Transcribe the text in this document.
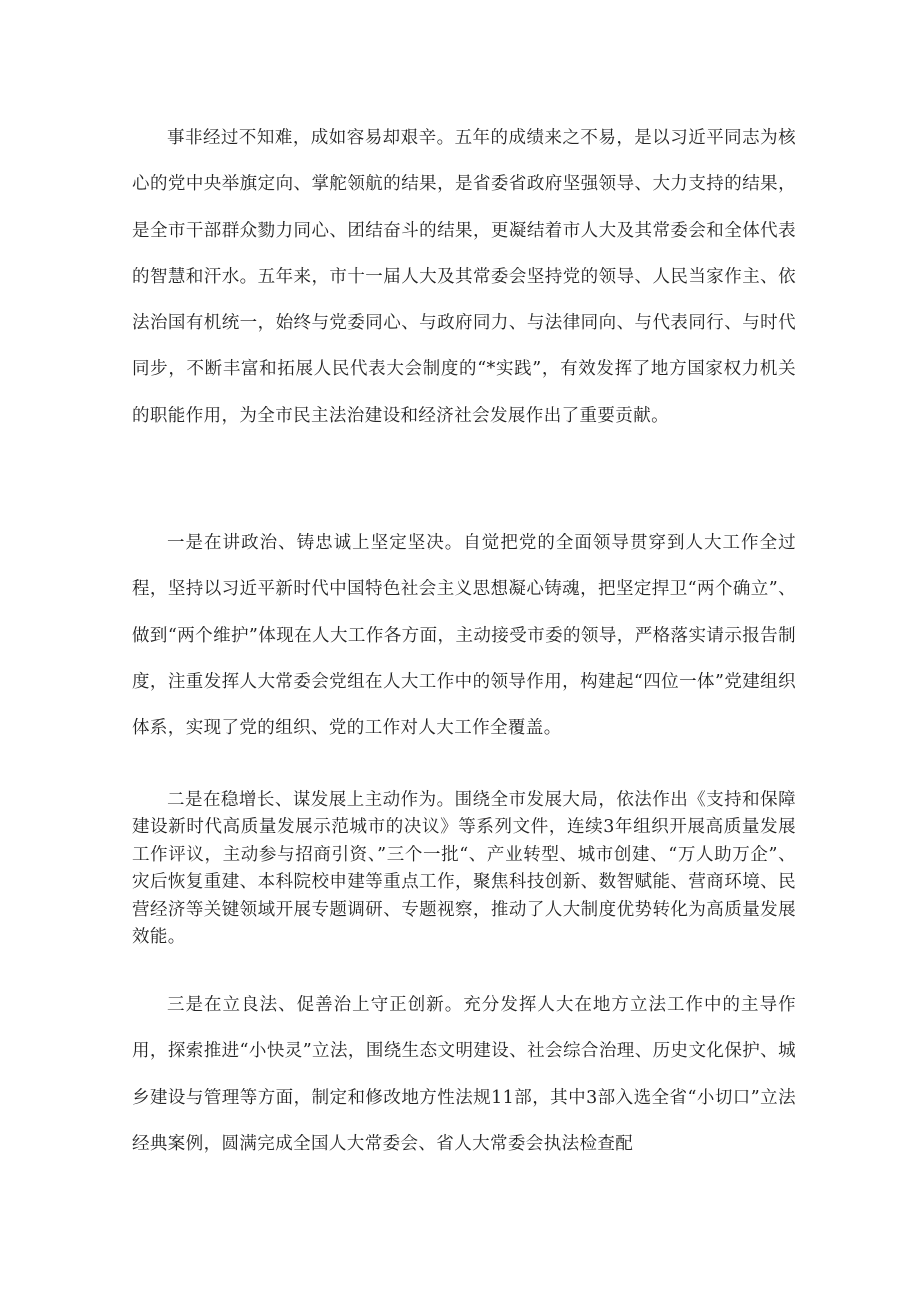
事非经过不知难，成如容易却艰辛。五年的成绩来之不易，是以习近平同志为核心的党中央举旗定向、掌舵领航的结果，是省委省政府坚强领导、大力支持的结果，是全市干部群众勠力同心、团结奋斗的结果，更凝结着市人大及其常委会和全体代表的智慧和汗水。五年来，市十一届人大及其常委会坚持党的领导、人民当家作主、依法治国有机统一，始终与党委同心、与政府同力、与法律同向、与代表同行、与时代同步，不断丰富和拓展人民代表大会制度的“*实践”，有效发挥了地方国家权力机关的职能作用，为全市民主法治建设和经济社会发展作出了重要贡献。

一是在讲政治、铸忠诚上坚定坚决。自觉把党的全面领导贯穿到人大工作全过程，坚持以习近平新时代中国特色社会主义思想凝心铸魂，把坚定捍卫“两个确立”、做到“两个维护”体现在人大工作各方面，主动接受市委的领导，严格落实请示报告制度，注重发挥人大常委会党组在人大工作中的领导作用，构建起“四位一体”党建组织体系，实现了党的组织、党的工作对人大工作全覆盖。

二是在稳增长、谋发展上主动作为。围绕全市发展大局，依法作出《支持和保障建设新时代高质量发展示范城市的决议》等系列文件，连续3年组织开展高质量发展工作评议，主动参与招商引资、”三个一批“、产业转型、城市创建、“万人助万企”、灾后恢复重建、本科院校申建等重点工作，聚焦科技创新、数智赋能、营商环境、民营经济等关键领域开展专题调研、专题视察，推动了人大制度优势转化为高质量发展效能。

三是在立良法、促善治上守正创新。充分发挥人大在地方立法工作中的主导作用，探索推进“小快灵”立法，围绕生态文明建设、社会综合治理、历史文化保护、城乡建设与管理等方面，制定和修改地方性法规11部，其中3部入选全省“小切口”立法经典案例，圆满完成全国人大常委会、省人大常委会执法检查配
